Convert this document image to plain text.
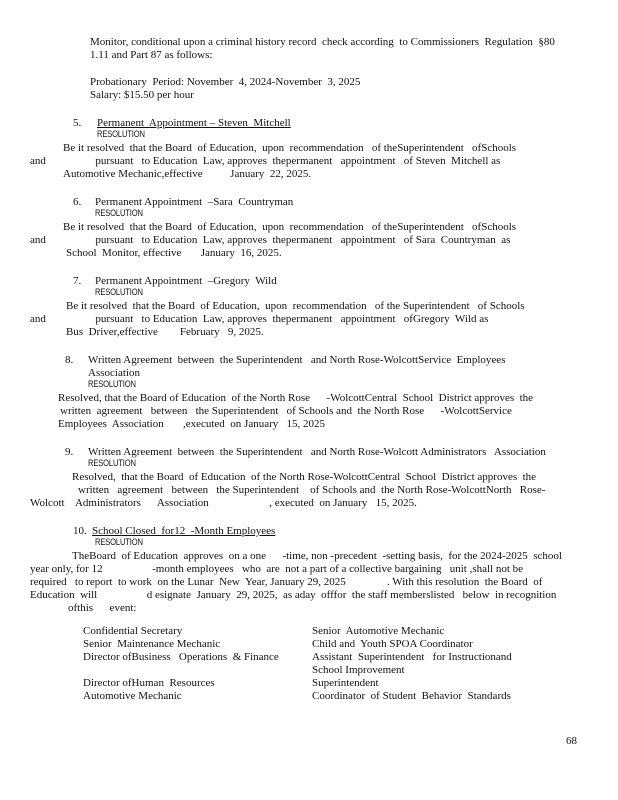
Monitor, conditional upon a criminal history record  check according  to Commissioners  Regulation  §80
1.11 and Part 87 as follows:
Probationary  Period: November  4, 2024-November  3, 2025
Salary: $15.50 per hour
5. Permanent  Appointment – Steven  Mitchell
RESOLUTION
Be it resolved  that the Board  of Education,  upon  recommendation   of theSuperintendent   ofSchools
and                  pursuant   to Education  Law, approves  thepermanent   appointment   of Steven  Mitchell as
Automotive Mechanic,effective          January  22, 2025.
6. Permanent Appointment  –Sara  Countryman
RESOLUTION
Be it resolved  that the Board  of Education,  upon  recommendation   of theSuperintendent   ofSchools
and                  pursuant   to Education  Law, approves  thepermanent   appointment   of Sara  Countryman  as
School  Monitor, effective       January  16, 2025.
7. Permanent Appointment  –Gregory  Wild
RESOLUTION
Be it resolved  that the Board  of Education,  upon  recommendation   of the Superintendent   of Schools
and                  pursuant   to Education  Law, approves  thepermanent   appointment   ofGregory  Wild as
Bus  Driver,effective        February   9, 2025.
8. Written Agreement  between  the Superintendent   and North Rose-WolcottService  Employees
Association
RESOLUTION
Resolved, that the Board of Education  of the North Rose      -WolcottCentral  School  District approves  the
written  agreement   between   the Superintendent   of Schools and  the North Rose      -WolcottService
Employees  Association       ,executed  on January   15, 2025
9. Written Agreement  between  the Superintendent   and North Rose-Wolcott Administrators   Association
RESOLUTION
Resolved,  that the Board  of Education  of the North Rose-WolcottCentral  School  District approves  the
written   agreement   between   the Superintendent    of Schools and  the North Rose-WolcottNorth   Rose-
Wolcott    Administrators      Association                      , executed  on January   15, 2025.
10. School Closed  for12  -Month Employees
RESOLUTION
TheBoard  of Education  approves  on a one      -time, non -precedent  -setting basis,  for the 2024-2025  school
year only, for 12                  -month employees   who  are  not a part of a collective bargaining   unit ,shall not be
required   to report  to work  on the Lunar  New  Year, January 29, 2025               . With this resolution  the Board  of
Education  will                  d esignate  January  29, 2025,  as aday  offfor  the staff memberslisted   below  in recognition
ofthis      event:
Confidential Secretary	Senior  Automotive Mechanic
Senior  Maintenance Mechanic	Child and  Youth SPOA Coordinator
Director ofBusiness   Operations  & Finance	Assistant  Superintendent   for Instructionand
School Improvement
Director ofHuman  Resources	Superintendent
Automotive Mechanic	Coordinator  of Student  Behavior  Standards
68
